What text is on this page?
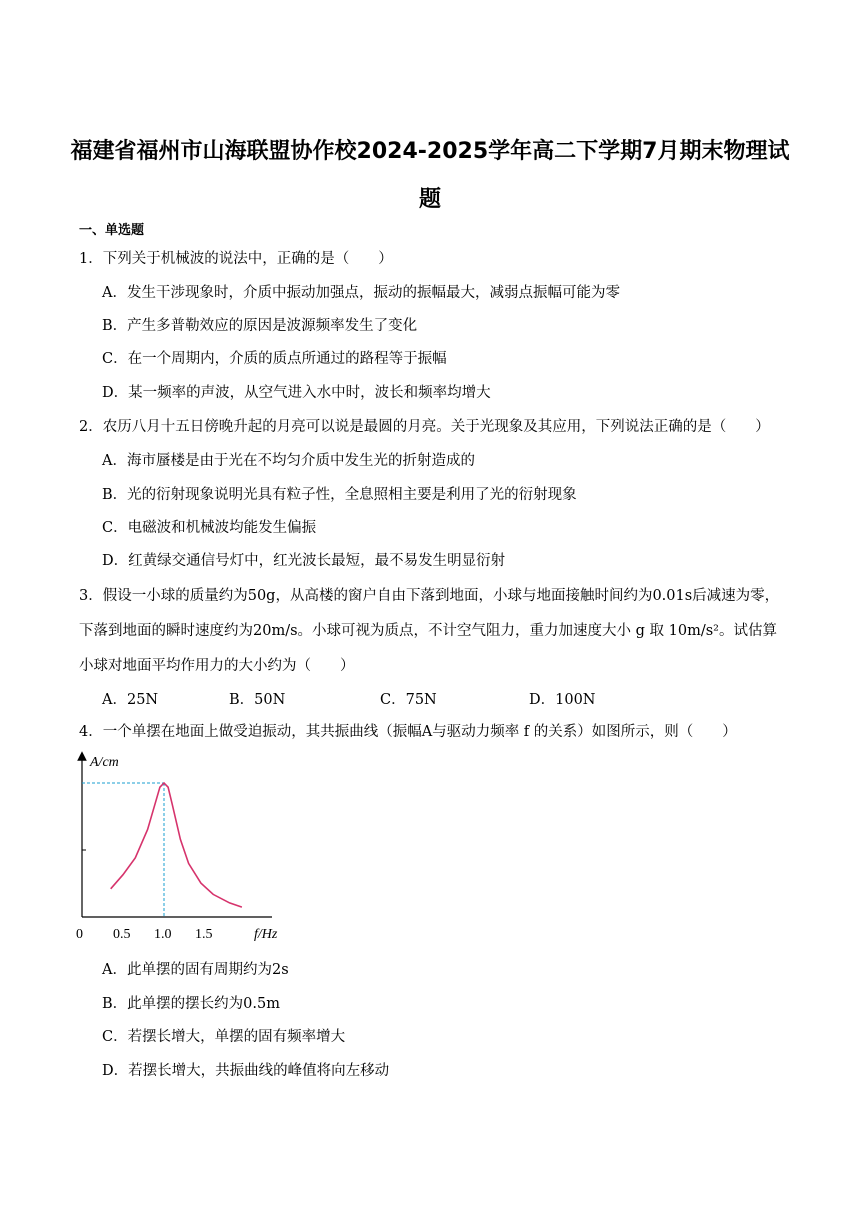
福建省福州市山海联盟协作校2024-2025学年高二下学期7月期末物理试题
一、单选题
1．下列关于机械波的说法中，正确的是（　　）
A．发生干涉现象时，介质中振动加强点，振动的振幅最大，减弱点振幅可能为零
B．产生多普勒效应的原因是波源频率发生了变化
C．在一个周期内，介质的质点所通过的路程等于振幅
D．某一频率的声波，从空气进入水中时，波长和频率均增大
2．农历八月十五日傍晚升起的月亮可以说是最圆的月亮。关于光现象及其应用，下列说法正确的是（　　）
A．海市蜃楼是由于光在不均匀介质中发生光的折射造成的
B．光的衍射现象说明光具有粒子性，全息照相主要是利用了光的衍射现象
C．电磁波和机械波均能发生偏振
D．红黄绿交通信号灯中，红光波长最短，最不易发生明显衍射
3．假设一小球的质量约为50g，从高楼的窗户自由下落到地面，小球与地面接触时间约为0.01s后减速为零，
下落到地面的瞬时速度约为20m/s。小球可视为质点，不计空气阻力，重力加速度大小 g 取 10m/s²。试估算
小球对地面平均作用力的大小约为（　　）
A．25N	B．50N	C．75N	D．100N
4．一个单摆在地面上做受迫振动，其共振曲线（振幅A与驱动力频率 f 的关系）如图所示，则（　　）
0 0.5 1.0 1.5
A/cm
f/Hz
A．此单摆的固有周期约为2s
B．此单摆的摆长约为0.5m
C．若摆长增大，单摆的固有频率增大
D．若摆长增大，共振曲线的峰值将向左移动
